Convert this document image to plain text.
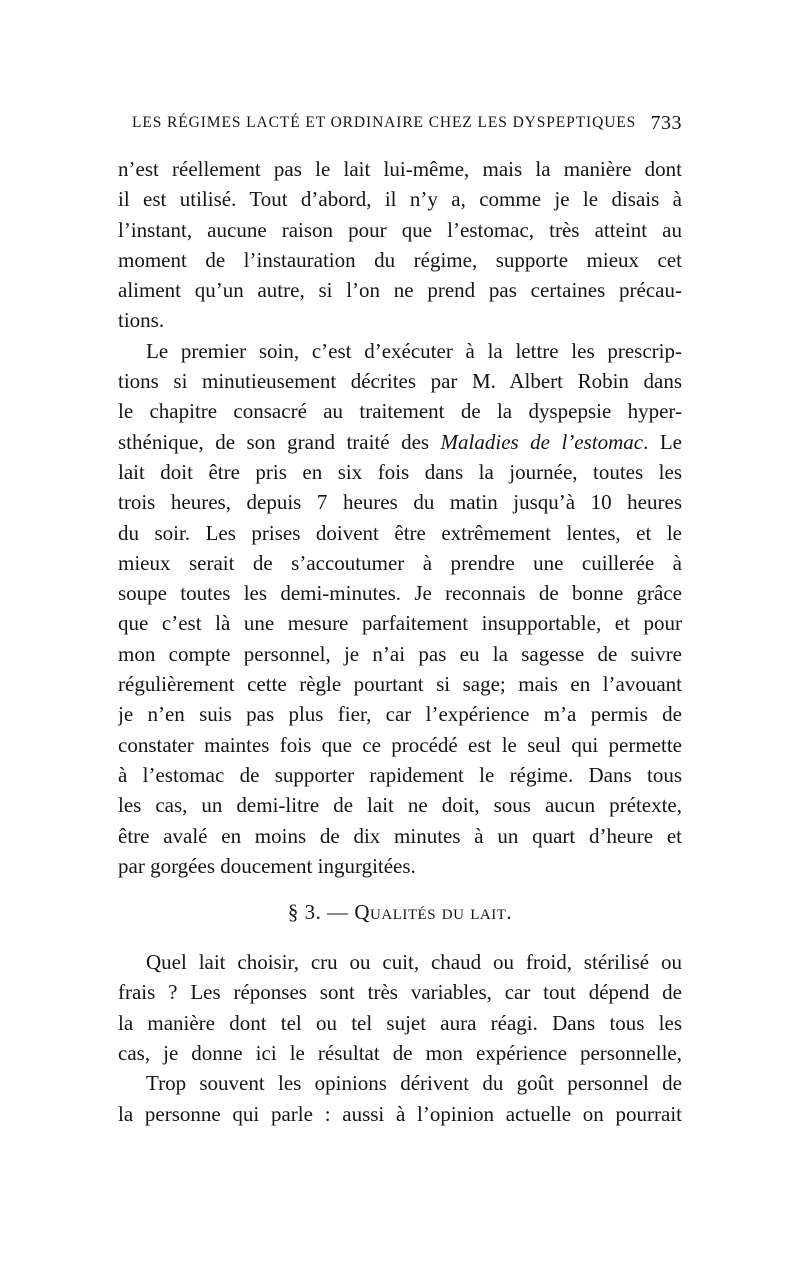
LES RÉGIMES LACTÉ ET ORDINAIRE CHEZ LES DYSPEPTIQUES 733
n’est réellement pas le lait lui-même, mais la manière dont
il est utilisé. Tout d’abord, il n’y a, comme je le disais à
l’instant, aucune raison pour que l’estomac, très atteint au
moment de l’instauration du régime, supporte mieux cet
aliment qu’un autre, si l’on ne prend pas certaines précau-
tions.
Le premier soin, c’est d’exécuter à la lettre les prescrip-
tions si minutieusement décrites par M. Albert Robin dans
le chapitre consacré au traitement de la dyspepsie hyper-
sthénique, de son grand traité des Maladies de l’estomac. Le
lait doit être pris en six fois dans la journée, toutes les
trois heures, depuis 7 heures du matin jusqu’à 10 heures
du soir. Les prises doivent être extrêmement lentes, et le
mieux serait de s’accoutumer à prendre une cuillerée à
soupe toutes les demi-minutes. Je reconnais de bonne grâce
que c’est là une mesure parfaitement insupportable, et pour
mon compte personnel, je n’ai pas eu la sagesse de suivre
régulièrement cette règle pourtant si sage; mais en l’avouant
je n’en suis pas plus fier, car l’expérience m’a permis de
constater maintes fois que ce procédé est le seul qui permette
à l’estomac de supporter rapidement le régime. Dans tous
les cas, un demi-litre de lait ne doit, sous aucun prétexte,
être avalé en moins de dix minutes à un quart d’heure et
par gorgées doucement ingurgitées.
§ 3. — Qualités du lait.
Quel lait choisir, cru ou cuit, chaud ou froid, stérilisé ou
frais ? Les réponses sont très variables, car tout dépend de
la manière dont tel ou tel sujet aura réagi. Dans tous les
cas, je donne ici le résultat de mon expérience personnelle,
Trop souvent les opinions dérivent du goût personnel de
la personne qui parle : aussi à l’opinion actuelle on pourrait
